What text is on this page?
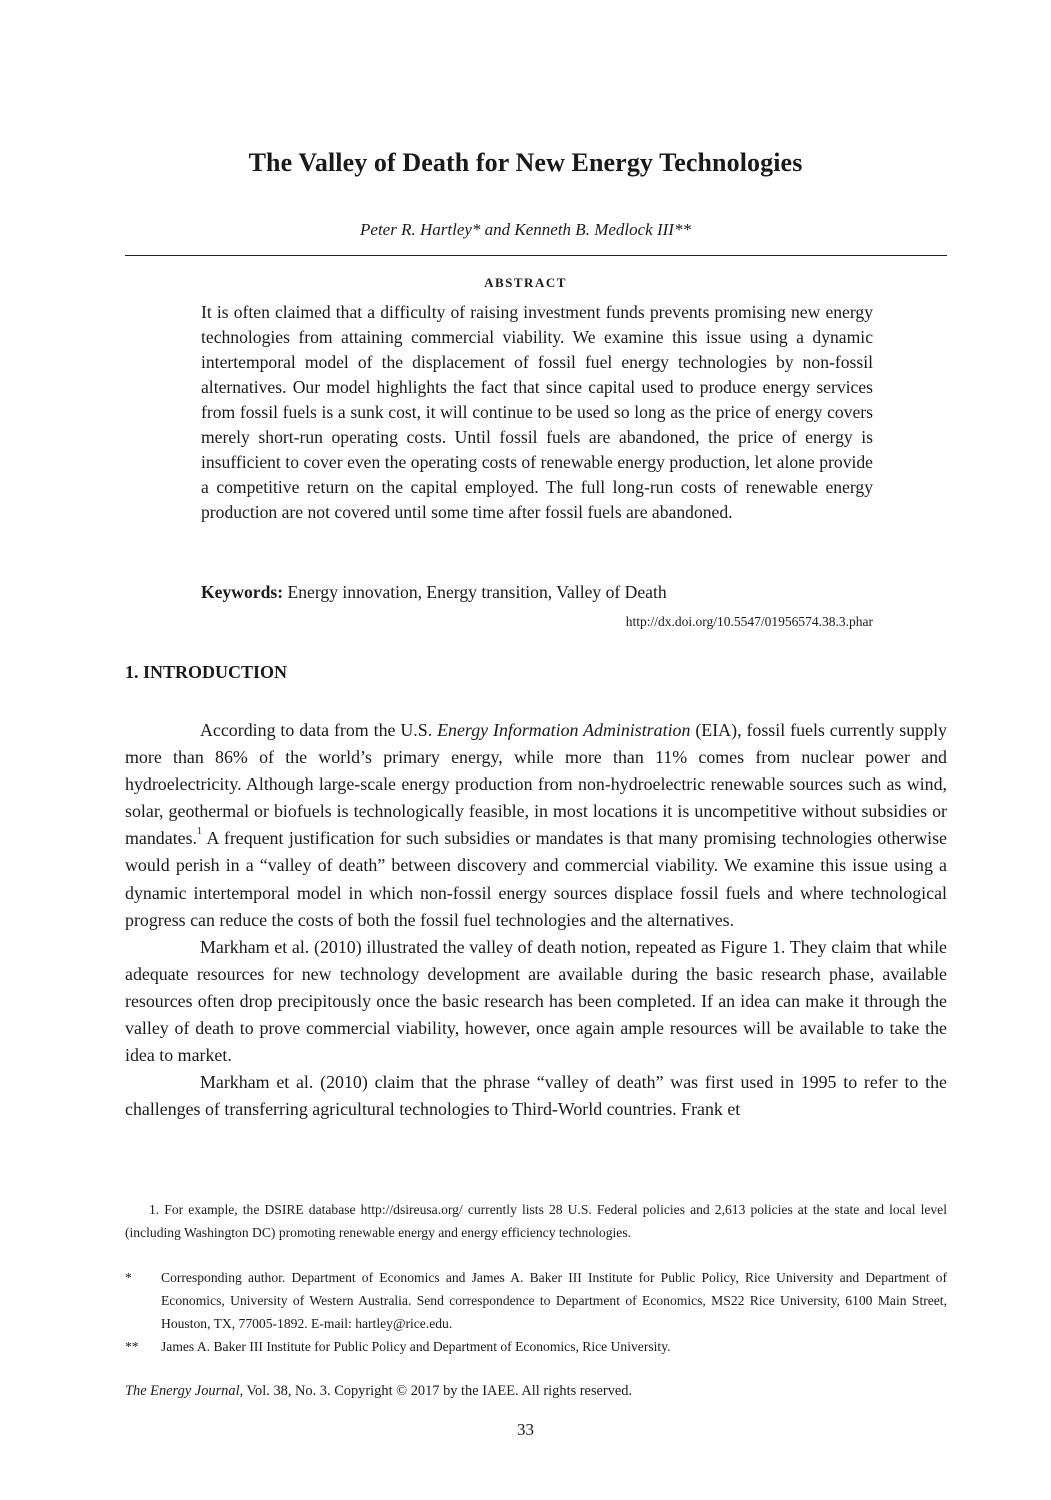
The Valley of Death for New Energy Technologies
Peter R. Hartley* and Kenneth B. Medlock III**
ABSTRACT

It is often claimed that a difficulty of raising investment funds prevents promising new energy technologies from attaining commercial viability. We examine this issue using a dynamic intertemporal model of the displacement of fossil fuel energy technologies by non-fossil alternatives. Our model highlights the fact that since capital used to produce energy services from fossil fuels is a sunk cost, it will continue to be used so long as the price of energy covers merely short-run operating costs. Until fossil fuels are abandoned, the price of energy is insufficient to cover even the operating costs of renewable energy production, let alone provide a competitive return on the capital employed. The full long-run costs of renewable energy production are not covered until some time after fossil fuels are abandoned.

Keywords: Energy innovation, Energy transition, Valley of Death

http://dx.doi.org/10.5547/01956574.38.3.phar
1. INTRODUCTION

According to data from the U.S. Energy Information Administration (EIA), fossil fuels currently supply more than 86% of the world’s primary energy, while more than 11% comes from nuclear power and hydroelectricity. Although large-scale energy production from non-hydroelectric renewable sources such as wind, solar, geothermal or biofuels is technologically feasible, in most locations it is uncompetitive without subsidies or mandates.$^1$ A frequent justification for such subsidies or mandates is that many promising technologies otherwise would perish in a “valley of death” between discovery and commercial viability. We examine this issue using a dynamic intertemporal model in which non-fossil energy sources displace fossil fuels and where technological progress can reduce the costs of both the fossil fuel technologies and the alternatives.

Markham et al. (2010) illustrated the valley of death notion, repeated as Figure 1. They claim that while adequate resources for new technology development are available during the basic research phase, available resources often drop precipitously once the basic research has been completed. If an idea can make it through the valley of death to prove commercial viability, however, once again ample resources will be available to take the idea to market.

Markham et al. (2010) claim that the phrase “valley of death” was first used in 1995 to refer to the challenges of transferring agricultural technologies to Third-World countries. Frank et

1. For example, the DSIRE database http://dsireusa.org/ currently lists 28 U.S. Federal policies and 2,613 policies at the state and local level (including Washington DC) promoting renewable energy and energy efficiency technologies.

*	Corresponding author. Department of Economics and James A. Baker III Institute for Public Policy, Rice University and Department of Economics, University of Western Australia. Send correspondence to Department of Economics, MS22 Rice University, 6100 Main Street, Houston, TX, 77005-1892. E-mail: hartley@rice.edu.
**	James A. Baker III Institute for Public Policy and Department of Economics, Rice University.
The Energy Journal, Vol. 38, No. 3. Copyright © 2017 by the IAEE. All rights reserved.
33
